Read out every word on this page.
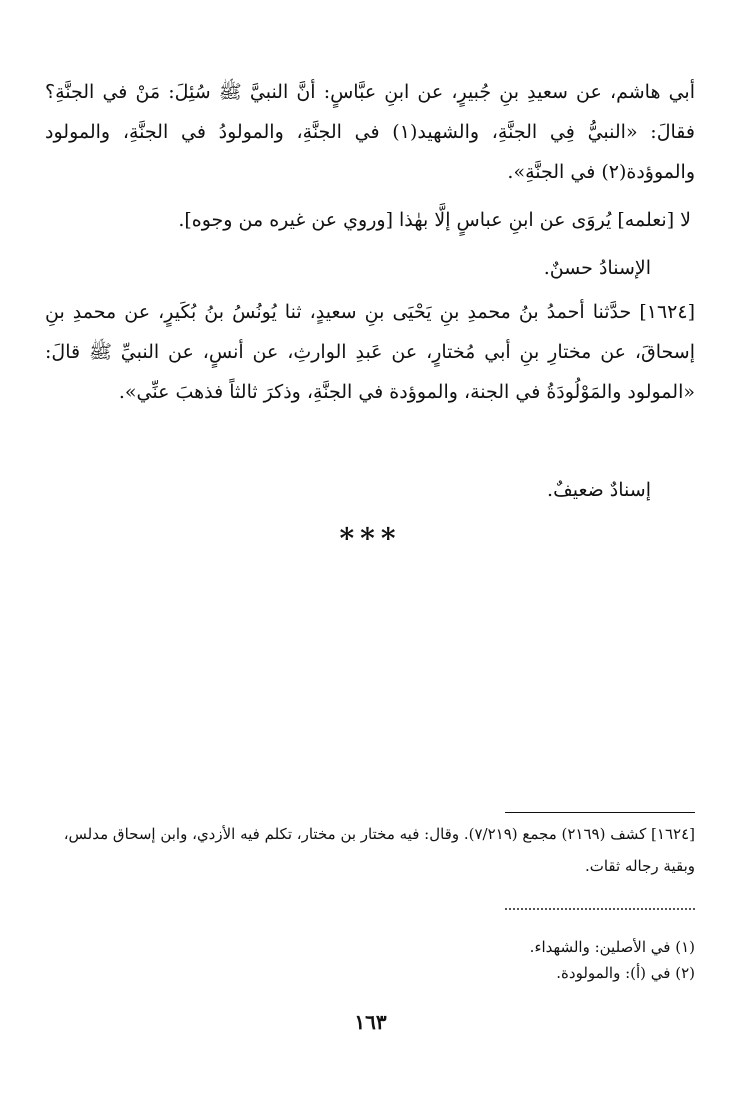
أبي هاشم، عن سعيدِ بنِ جُبيرٍ، عن ابنِ عبَّاسٍ: أنَّ النبيَّ ﷺ سُئِلَ: مَنْ في الجنَّةِ؟ فقالَ: «النبيُّ فِي الجنَّةِ، والشهيد(١) في الجنَّةِ، والمولودُ في الجنَّةِ، والمولود والموؤدة(٢) في الجنَّةِ».

لا [نعلمه] يُروَى عن ابنِ عباسٍ إلَّا بهٰذا [وروي عن غيره من وجوه].

الإسنادُ حسنٌ.

[١٦٢٤] حدَّثنا أحمدُ بنُ محمدِ بنِ يَحْيَى بنِ سعيدٍ، ثنا يُونُسُ بنُ بُكَيرٍ، عن محمدِ بنِ إسحاقَ، عن مختارِ بنِ أبي مُختارٍ، عن عَبدِ الوارثِ، عن أنسٍ، عن النبيِّ ﷺ قالَ: «المولود والمَوْلُودَةُ في الجنة، والموؤدة في الجنَّةِ، وذكرَ ثالثاً فذهبَ عنِّي».

إسنادٌ ضعيفٌ.

***

[١٦٢٤] كشف (٢١٦٩) مجمع (٧/٢١٩). وقال: فيه مختار بن مختار، تكلم فيه الأزدي، وابن إسحاق مدلس، وبقية رجاله ثقات.

(١) في الأصلين: والشهداء.
(٢) في (أ): والمولودة.
١٦٣
